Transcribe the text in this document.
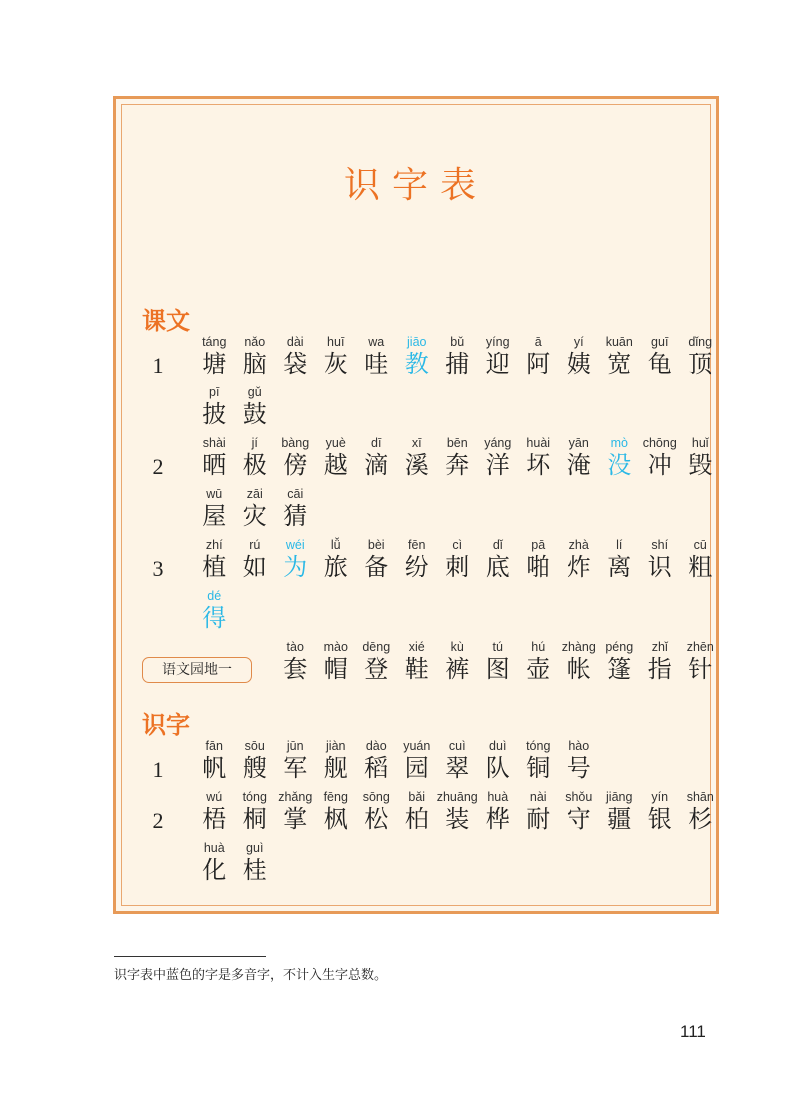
识字表
课文
1
táng
塘
nǎo
脑
dài
袋
huī
灰
wa
哇
jiāo
教
bǔ
捕
yíng
迎
ā
阿
yí
姨
kuān
宽
guī
龟
dǐng
顶
pī
披
gǔ
鼓
2
shài
晒
jí
极
bàng
傍
yuè
越
dī
滴
xī
溪
bēn
奔
yáng
洋
huài
坏
yān
淹
mò
没
chōng
冲
huǐ
毁
wū
屋
zāi
灾
cāi
猜
3
zhí
植
rú
如
wéi
为
lǚ
旅
bèi
备
fēn
纷
cì
刺
dǐ
底
pā
啪
zhà
炸
lí
离
shí
识
cū
粗
dé
得
语文园地一
tào
套
mào
帽
dēng
登
xié
鞋
kù
裤
tú
图
hú
壶
zhàng
帐
péng
篷
zhǐ
指
zhēn
针
识字
1
fān
帆
sōu
艘
jūn
军
jiàn
舰
dào
稻
yuán
园
cuì
翠
duì
队
tóng
铜
hào
号
2
wú
梧
tóng
桐
zhǎng
掌
fēng
枫
sōng
松
bǎi
柏
zhuāng
装
huà
桦
nài
耐
shǒu
守
jiāng
疆
yín
银
shān
杉
huà
化
guì
桂
识字表中蓝色的字是多音字，不计入生字总数。
111
